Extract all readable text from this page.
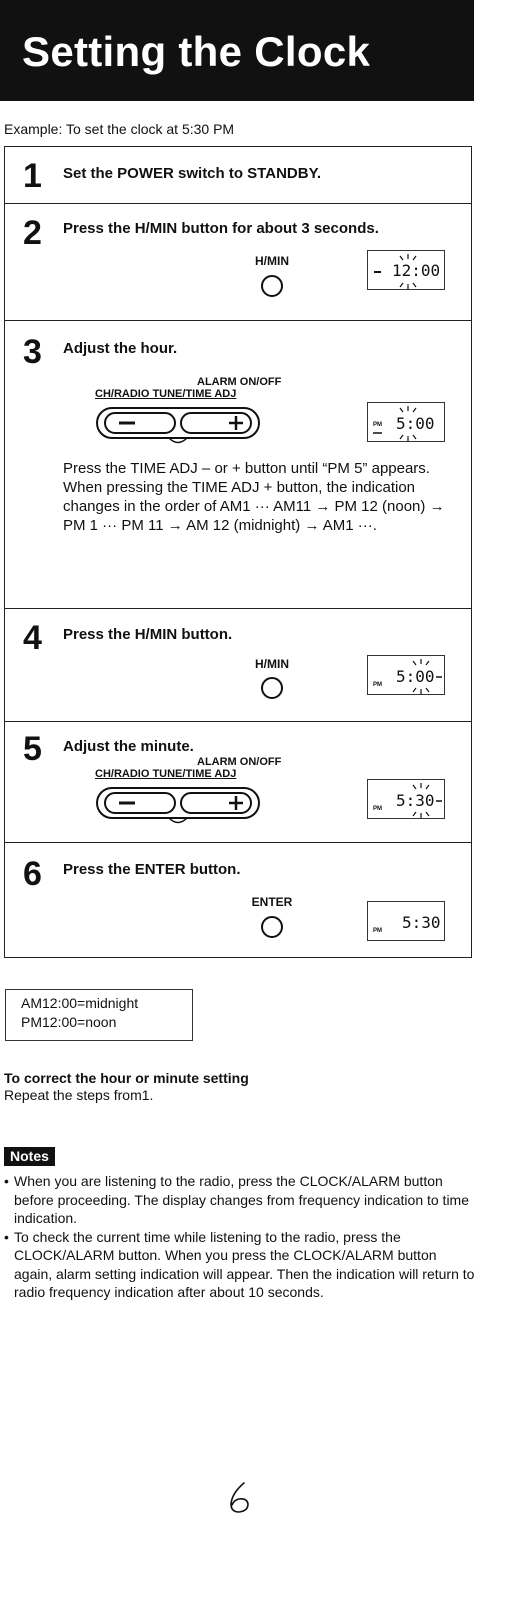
Setting the Clock
Example: To set the clock at 5:30 PM
1 Set the POWER switch to STANDBY.
2 Press the H/MIN button for about 3 seconds.
H/MIN	12:00
3 Adjust the hour.
ALARM ON/OFF
CH/RADIO TUNE/TIME ADJ
PM 5:00

Press the TIME ADJ – or + button until “PM 5” appears.

When pressing the TIME ADJ + button, the indication changes in the order of AM1 ··· AM11 → PM 12 (noon) → PM 1 ··· PM 11 → AM 12 (midnight) → AM1 ···.

4 Press the H/MIN button.
H/MIN
PM 5:00
5 Adjust the minute.
ALARM ON/OFF
CH/RADIO TUNE/TIME ADJ
PM 5:30
6 Press the ENTER button.
ENTER
PM 5:30
AM12:00=midnight
PM12:00=noon
To correct the hour or minute setting
Repeat the steps from1.
Notes
• When you are listening to the radio, press the CLOCK/ALARM button before proceeding. The display changes from frequency indication to time indication.
• To check the current time while listening to the radio, press the CLOCK/ALARM button. When you press the CLOCK/ALARM button again, alarm setting indication will appear. Then the indication will return to radio frequency indication after about 10 seconds.
